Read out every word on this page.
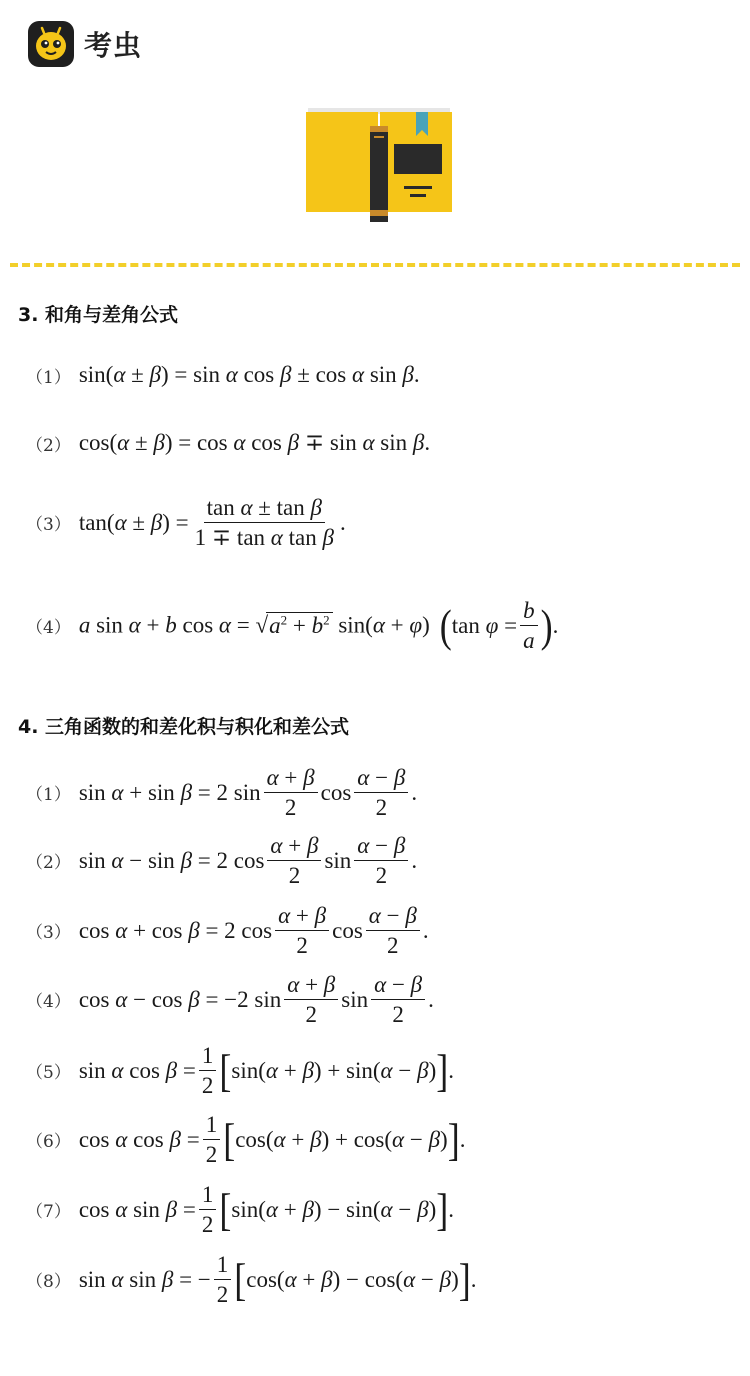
考虫
3. 和角与差角公式
（1） sin(α ± β) = sin α cos β ± cos α sin β.
（2） cos(α ± β) = cos α cos β ∓ sin α sin β.
（3） $\tan(\alpha \pm \beta) = \frac{\text{tan α ± tan β}}{\text{1 ∓ tan α tan β}}$ .
（4） a sin α + b $\cos \alpha = √a^2 + b^2$ sin(α + φ) ( $\tan \varphi = \frac{b}{a}$ ) .
4. 三角函数的和差化积与积化和差公式
（1） sin α + sin β = 2 $\sin \frac{\alpha + \beta}{2}$ $\cos \frac{\alpha - \beta}{2}$ .
（2） sin α − sin β = 2 $\cos \frac{\alpha + \beta}{2}$ $\sin \frac{\alpha - \beta}{2}$ .
（3） cos α + cos β = 2 $\cos \frac{\alpha + \beta}{2}$ $\cos \frac{\alpha - \beta}{2}$ .
（4） cos α − cos β = −2 $\sin \frac{\alpha + \beta}{2}$ $\sin \frac{\alpha - \beta}{2}$ .
（5） sin α $\cos \beta = \frac{1}{2}$ [ sin(α + β) + sin(α − β) ] .
（6） cos α $\cos \beta = \frac{1}{2}$ [ cos(α + β) + cos(α − β) ] .
（7） cos α $\sin \beta = \frac{1}{2}$ [ sin(α + β) − sin(α − β) ] .
（8） sin α sin β = − $\frac{1}{2}$ [ cos(α + β) − cos(α − β) ] .
